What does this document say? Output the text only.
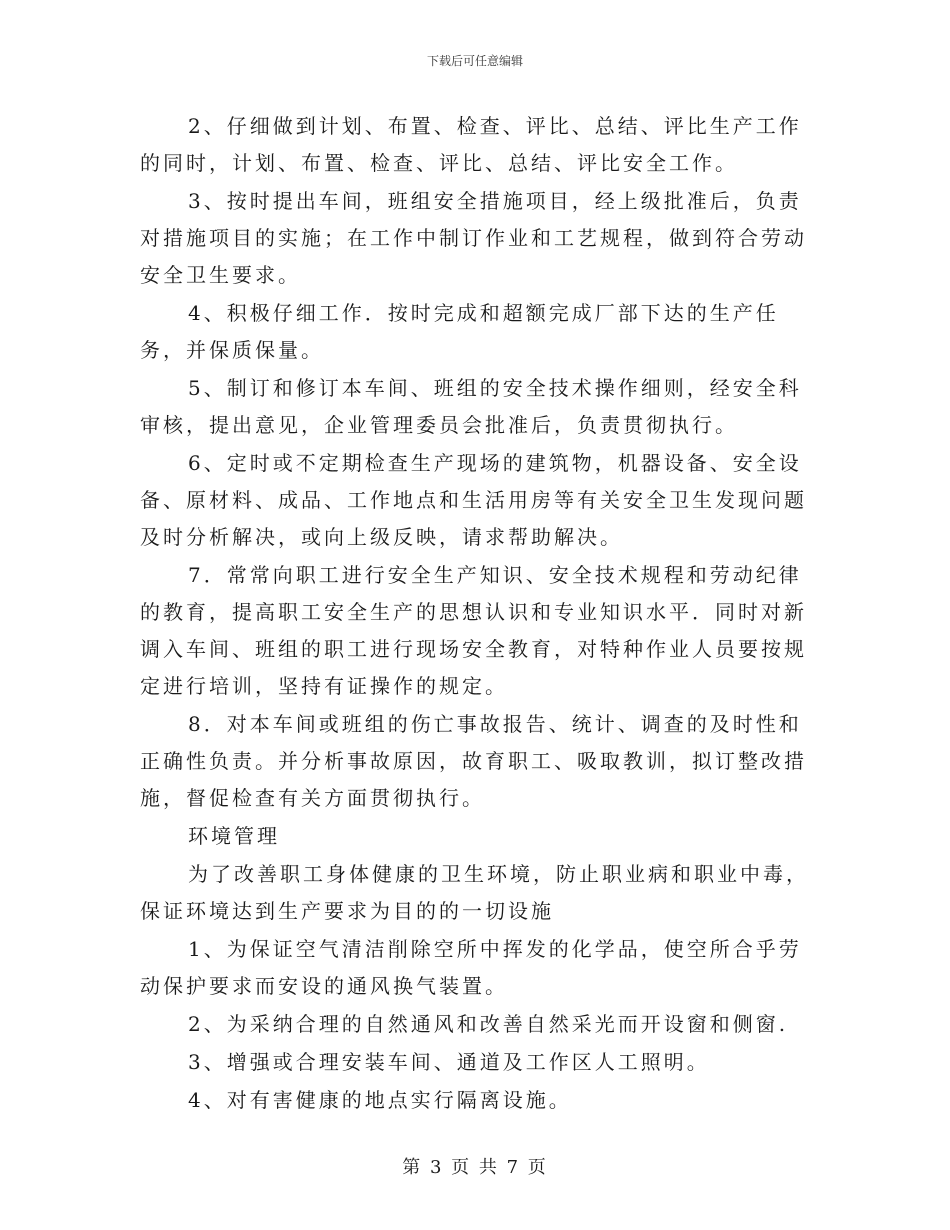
下载后可任意编辑

2、仔细做到计划、布置、检查、评比、总结、评比生产工作的同时，计划、布置、检查、评比、总结、评比安全工作。

3、按时提出车间，班组安全措施项目，经上级批准后，负责对措施项目的实施；在工作中制订作业和工艺规程，做到符合劳动安全卫生要求。

4、积极仔细工作．按时完成和超额完成厂部下达的生产任务，并保质保量。

5、制订和修订本车间、班组的安全技术操作细则，经安全科审核，提出意见，企业管理委员会批准后，负责贯彻执行。

6、定时或不定期检查生产现场的建筑物，机器设备、安全设备、原材料、成品、工作地点和生活用房等有关安全卫生发现问题及时分析解决，或向上级反映，请求帮助解决。

7．常常向职工进行安全生产知识、安全技术规程和劳动纪律的教育，提高职工安全生产的思想认识和专业知识水平．同时对新调入车间、班组的职工进行现场安全教育，对特种作业人员要按规定进行培训，坚持有证操作的规定。

8．对本车间或班组的伤亡事故报告、统计、调查的及时性和正确性负责。并分析事故原因，故育职工、吸取教训，拟订整改措施，督促检查有关方面贯彻执行。

环境管理

为了改善职工身体健康的卫生环境，防止职业病和职业中毒，保证环境达到生产要求为目的的一切设施

1、为保证空气清洁削除空所中挥发的化学品，使空所合乎劳动保护要求而安设的通风换气装置。

2、为采纳合理的自然通风和改善自然采光而开设窗和侧窗.

3、增强或合理安装车间、通道及工作区人工照明。

4、对有害健康的地点实行隔离设施。

第 3 页 共 7 页
